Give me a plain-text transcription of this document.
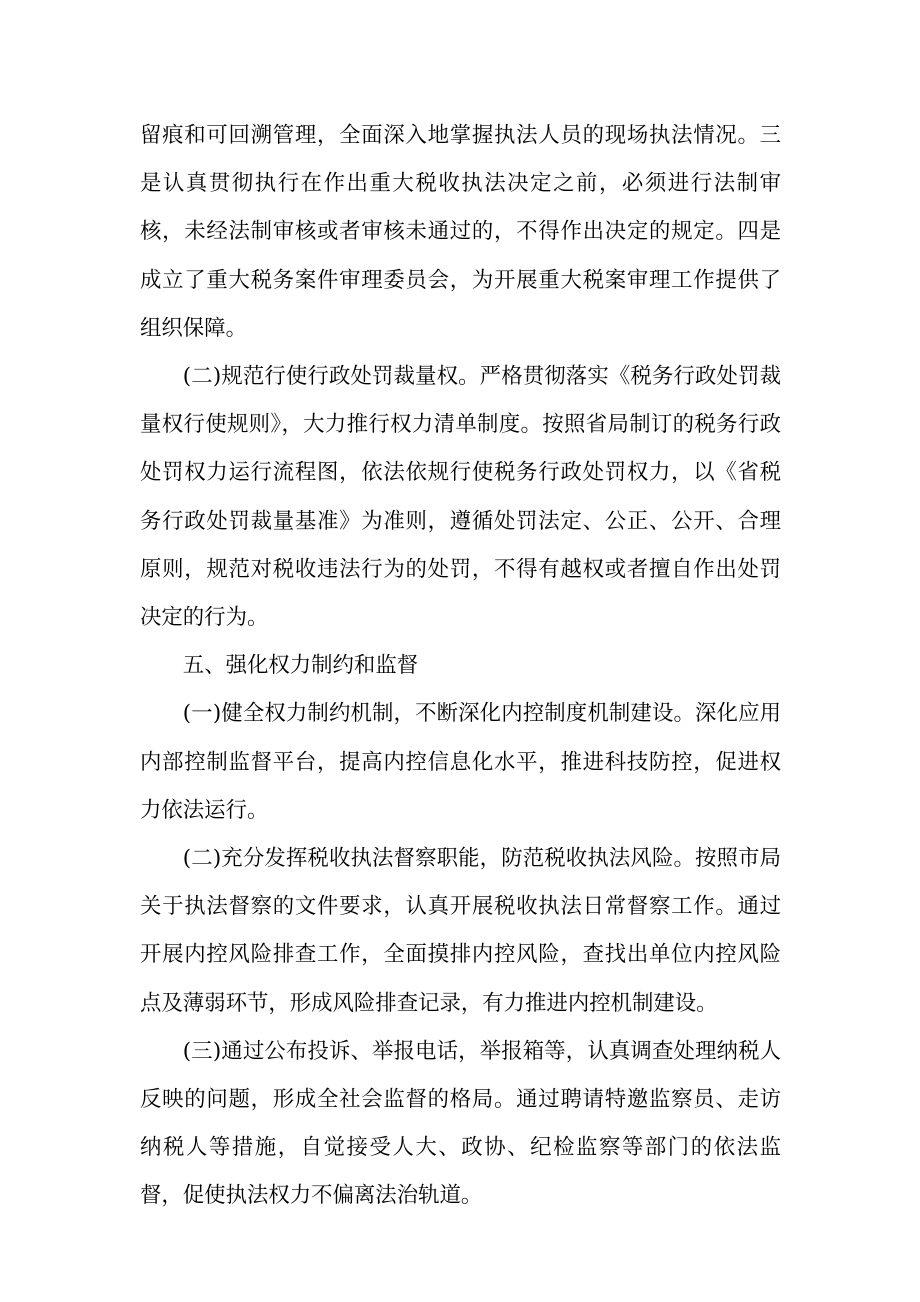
留痕和可回溯管理，全面深入地掌握执法人员的现场执法情况。三是认真贯彻执行在作出重大税收执法决定之前，必须进行法制审核，未经法制审核或者审核未通过的，不得作出决定的规定。四是成立了重大税务案件审理委员会，为开展重大税案审理工作提供了组织保障。

(二)规范行使行政处罚裁量权。严格贯彻落实《税务行政处罚裁量权行使规则》，大力推行权力清单制度。按照省局制订的税务行政处罚权力运行流程图，依法依规行使税务行政处罚权力，以《省税务行政处罚裁量基准》为准则，遵循处罚法定、公正、公开、合理原则，规范对税收违法行为的处罚，不得有越权或者擅自作出处罚决定的行为。

五、强化权力制约和监督

(一)健全权力制约机制，不断深化内控制度机制建设。深化应用内部控制监督平台，提高内控信息化水平，推进科技防控，促进权力依法运行。

(二)充分发挥税收执法督察职能，防范税收执法风险。按照市局关于执法督察的文件要求，认真开展税收执法日常督察工作。通过开展内控风险排查工作，全面摸排内控风险，查找出单位内控风险点及薄弱环节，形成风险排查记录，有力推进内控机制建设。

(三)通过公布投诉、举报电话，举报箱等，认真调查处理纳税人反映的问题，形成全社会监督的格局。通过聘请特邀监察员、走访纳税人等措施，自觉接受人大、政协、纪检监察等部门的依法监督，促使执法权力不偏离法治轨道。
